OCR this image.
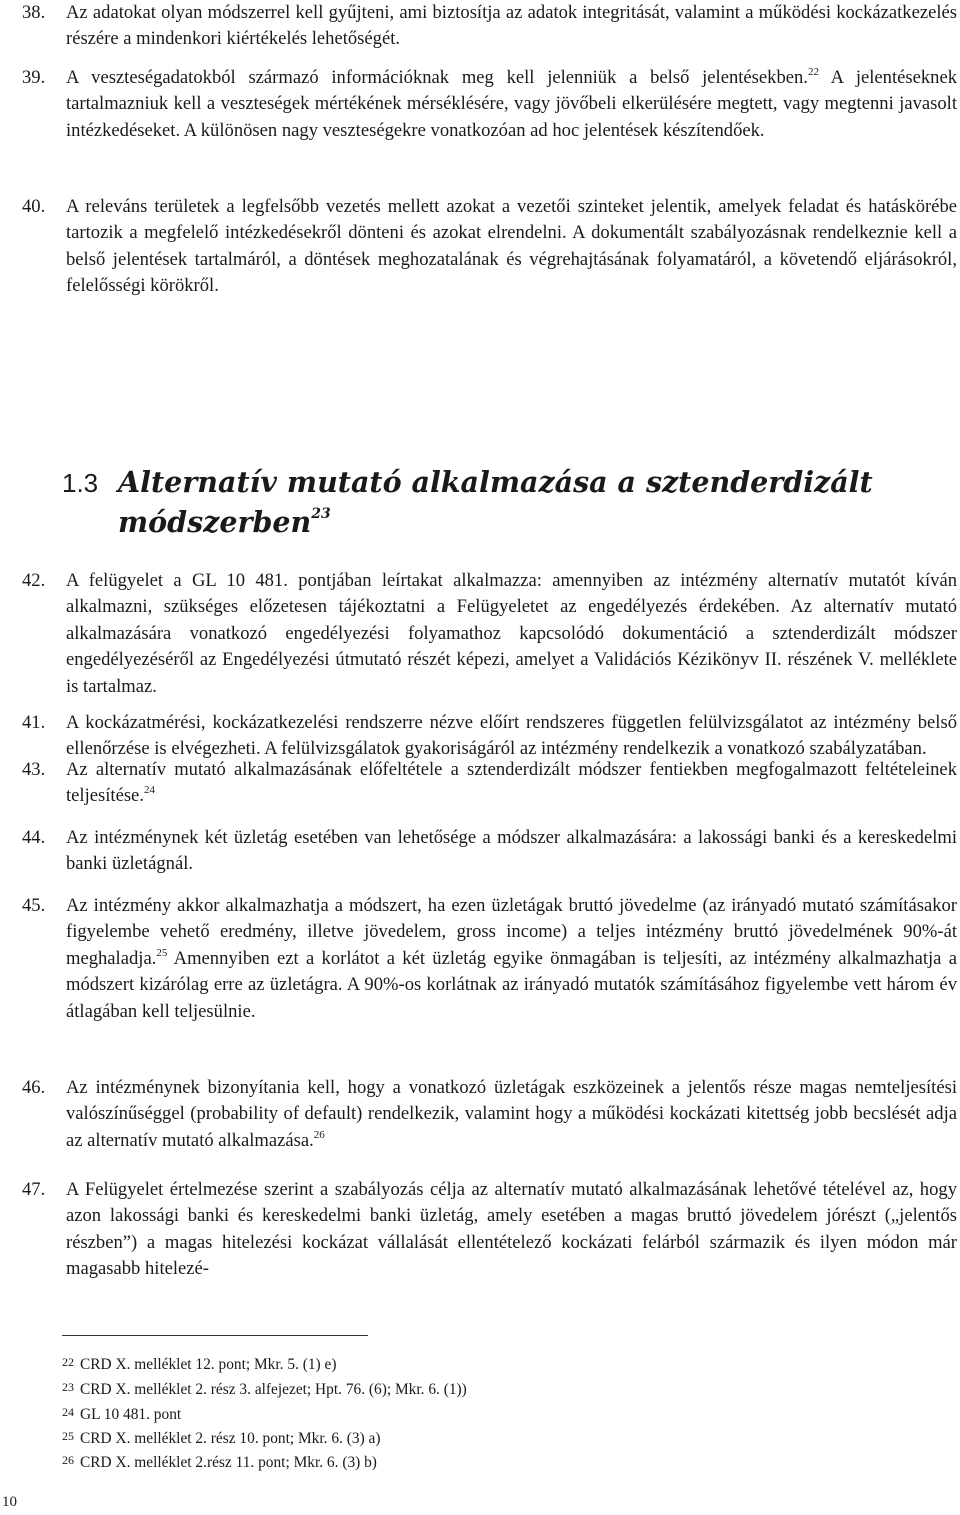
38.	Az adatokat olyan módszerrel kell gyűjteni, ami biztosítja az adatok integritását, valamint a működési kockázatkezelés részére a mindenkori kiértékelés lehetőségét.
39.	A veszteségadatokból származó információknak meg kell jelenniük a belső jelentésekben.$^{22}$ A jelentéseknek tartalmazniuk kell a veszteségek mértékének mérséklésére, vagy jövőbeli elkerülésére megtett, vagy megtenni javasolt intézkedéseket. A különösen nagy veszteségekre vonatkozóan ad hoc jelentések készítendőek.
40.	A releváns területek a legfelsőbb vezetés mellett azokat a vezetői szinteket jelentik, amelyek feladat és hatáskörébe tartozik a megfelelő intézkedésekről dönteni és azokat elrendelni. A dokumentált szabályozásnak rendelkeznie kell a belső jelentések tartalmáról, a döntések meghozatalának és végrehajtásának folyamatáról, a követendő eljárásokról, felelősségi körökről.
41.	A kockázatmérési, kockázatkezelési rendszerre nézve előírt rendszeres független felülvizsgálatot az intézmény belső ellenőrzése is elvégezheti. A felülvizsgálatok gyakoriságáról az intézmény rendelkezik a vonatkozó szabályzatában.
1.3 Alternatív mutató alkalmazása a sztenderdizált módszerben$^{23}$
42.	A felügyelet a GL 10 481. pontjában leírtakat alkalmazza: amennyiben az intézmény alternatív mutatót kíván alkalmazni, szükséges előzetesen tájékoztatni a Felügyeletet az engedélyezés érdekében. Az alternatív mutató alkalmazására vonatkozó engedélyezési folyamathoz kapcsolódó dokumentáció a sztenderdizált módszer engedélyezéséről az Engedélyezési útmutató részét képezi, amelyet a Validációs Kézikönyv II. részének V. melléklete is tartalmaz.
43.	Az alternatív mutató alkalmazásának előfeltétele a sztenderdizált módszer fentiekben megfogalmazott feltételeinek teljesítése.$^{24}$
44.	Az intézménynek két üzletág esetében van lehetősége a módszer alkalmazására: a lakossági banki és a kereskedelmi banki üzletágnál.
45.	Az intézmény akkor alkalmazhatja a módszert, ha ezen üzletágak bruttó jövedelme (az irányadó mutató számításakor figyelembe vehető eredmény, illetve jövedelem, gross income) a teljes intézmény bruttó jövedelmének 90%-át meghaladja.$^{25}$ Amennyiben ezt a korlátot a két üzletág egyike önmagában is teljesíti, az intézmény alkalmazhatja a módszert kizárólag erre az üzletágra. A 90%-os korlátnak az irányadó mutatók számításához figyelembe vett három év átlagában kell teljesülnie.
46.	Az intézménynek bizonyítania kell, hogy a vonatkozó üzletágak eszközeinek a jelentős része magas nemteljesítési valószínűséggel (probability of default) rendelkezik, valamint hogy a működési kockázati kitettség jobb becslését adja az alternatív mutató alkalmazása.$^{26}$
47.	A Felügyelet értelmezése szerint a szabályozás célja az alternatív mutató alkalmazásának lehetővé tételével az, hogy azon lakossági banki és kereskedelmi banki üzletág, amely esetében a magas bruttó jövedelem jórészt („jelentős részben”) a magas hitelezési kockázat vállalását ellentételező kockázati felárból származik és ilyen módon már magasabb hitelezé-
22 CRD X. melléklet 12. pont; Mkr. 5. (1) e)
23 CRD X. melléklet 2. rész 3. alfejezet; Hpt. 76. (6); Mkr. 6. (1))
24 GL 10 481. pont
25 CRD X. melléklet 2. rész 10. pont; Mkr. 6. (3) a)
26 CRD X. melléklet 2.rész 11. pont; Mkr. 6. (3) b)
10
